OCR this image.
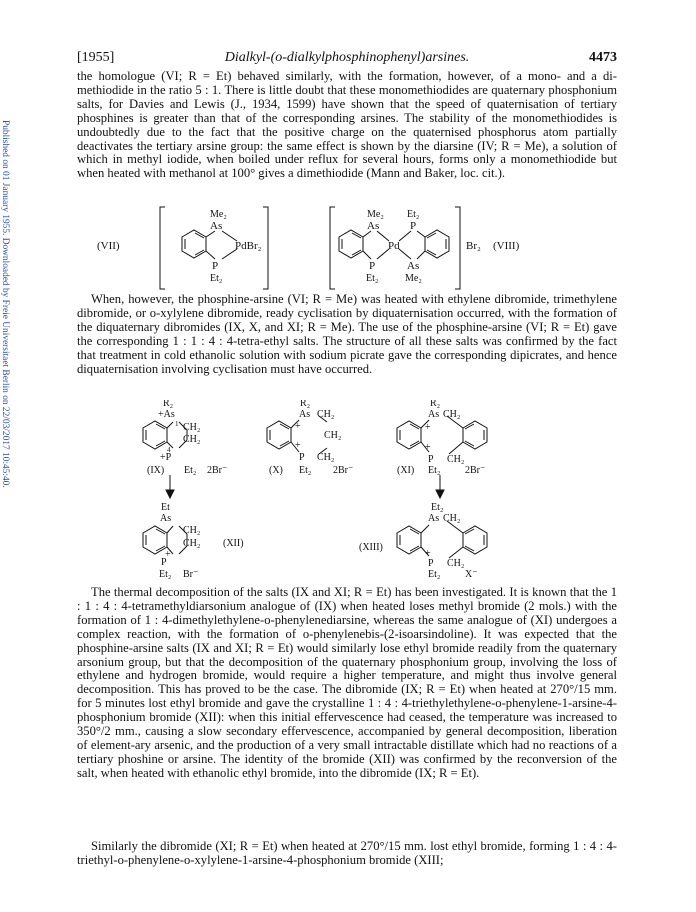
Published on 01 January 1955. Downloaded by Freie Universitaet Berlin on 22/03/2017 10:45:40.
[1955]	Dialkyl-(o-dialkylphosphinophenyl)arsines.	4473
the homologue (VI; R = Et) behaved similarly, with the formation, however, of a mono- and a di-methiodide in the ratio 5 : 1. There is little doubt that these monomethiodides are quaternary phosphonium salts, for Davies and Lewis (J., 1934, 1599) have shown that the speed of quaternisation of tertiary phosphines is greater than that of the corresponding arsines. The stability of the monomethiodides is undoubtedly due to the fact that the positive charge on the quaternised phosphorus atom partially deactivates the tertiary arsine group: the same effect is shown by the diarsine (IV; R = Me), a solution of which in methyl iodide, when boiled under reflux for several hours, forms only a monomethiodide but when heated with methanol at 100° gives a dimethiodide (Mann and Baker, loc. cit.).
(VII)
Me₂
As
PdBr₂
P
Et₂
Me₂ Et₂
As	P
Pd
P	As
Et₂	Me₂
Br₂ (VIII)
When, however, the phosphine-arsine (VI; R = Me) was heated with ethylene dibromide, trimethylene dibromide, or o-xylylene dibromide, ready cyclisation by diquaternisation occurred, with the formation of the diquaternary dibromides (IX, X, and XI; R = Me). The use of the phosphine-arsine (VI; R = Et) gave the corresponding 1 : 1 : 4 : 4-tetra-ethyl salts. The structure of all these salts was confirmed by the fact that treatment in cold ethanolic solution with sodium picrate gave the corresponding dipicrates, and hence diquaternisation involving cyclisation must have occurred.
R₂
+As
1 CH₂
CH₂
4
+P
(IX) Et₂ 2Br⁻
R₂
As CH₂
+
CH₂
+
P CH₂
(X) Et₂ 2Br⁻
R₂
As CH₂
+
+
P CH₂
(XI) Et₂ 2Br⁻
Et
As
CH₂
CH₂
+
P
Et₂ Br⁻
(XII)
Et₂
As CH₂
+
P CH₂
Et₂ X⁻
(XIII)
The thermal decomposition of the salts (IX and XI; R = Et) has been investigated. It is known that the 1 : 1 : 4 : 4-tetramethyldiarsonium analogue of (IX) when heated loses methyl bromide (2 mols.) with the formation of 1 : 4-dimethylethylene-o-phenylenediarsine, whereas the same analogue of (XI) undergoes a complex reaction, with the formation of o-phenylenebis-(2-isoarsindoline). It was expected that the phosphine-arsine salts (IX and XI; R = Et) would similarly lose ethyl bromide readily from the quaternary arsonium group, but that the decomposition of the quaternary phosphonium group, involving the loss of ethylene and hydrogen bromide, would require a higher temperature, and might thus involve general decomposition. This has proved to be the case. The dibromide (IX; R = Et) when heated at 270°/15 mm. for 5 minutes lost ethyl bromide and gave the crystalline 1 : 4 : 4-triethylethylene-o-phenylene-1-arsine-4-phosphonium bromide (XII): when this initial effervescence had ceased, the temperature was increased to 350°/2 mm., causing a slow secondary effervescence, accompanied by general decomposition, liberation of element-ary arsenic, and the production of a very small intractable distillate which had no reactions of a tertiary phoshine or arsine. The identity of the bromide (XII) was confirmed by the reconversion of the salt, when heated with ethanolic ethyl bromide, into the dibromide (IX; R = Et).
Similarly the dibromide (XI; R = Et) when heated at 270°/15 mm. lost ethyl bromide, forming 1 : 4 : 4-triethyl-o-phenylene-o-xylylene-1-arsine-4-phosphonium bromide (XIII;
